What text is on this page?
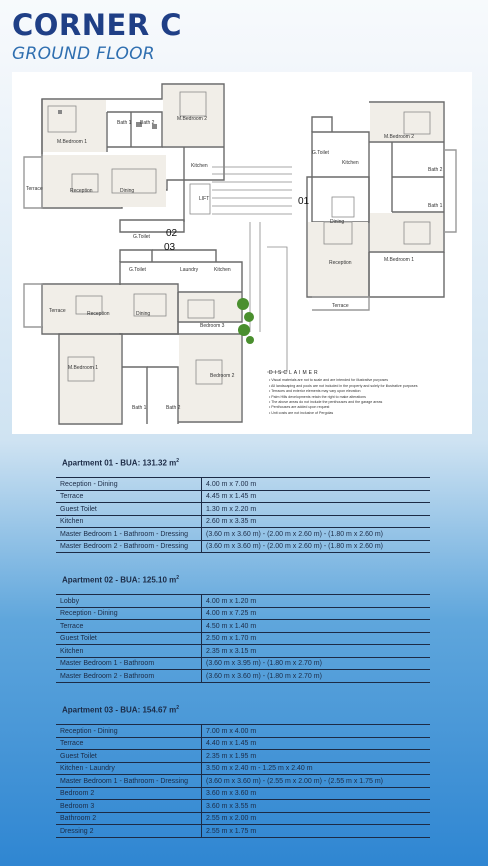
CORNER C
GROUND FLOOR
M.Bedroom 1
Bath 1 Bath 2
M.Bedroom 2
Kitchen
Terrace	Reception	Dining
LIFT
G.Toilet
G.Toilet	Laundry	Kitchen
Terrace	Reception	Dining
Bedroom 3
M.Bedroom 1
Bedroom 2
Bath 1	Bath 2
G.Toilet
Kitchen
M.Bedroom 2
Bath 2
Bath 1
Dining
Reception	M.Bedroom 1
Terrace
01
02
03
DISCLAIMER
• Visual materials are not to scale and are intended for illustrative purposes
• All landscaping and pools are not included in the property and solely for illustrative purposes
• Terraces and exterior elements may vary upon elevation
• Palm Hills developments retain the right to make alterations
• The above areas do not include the penthouses and the garage areas
• Penthouses are added upon request
• Unit costs are not inclusive of Pergolas
Apartment 01 - BUA: 131.32 $m^2$
Reception - Dining	4.00 m x 7.00 m
Terrace	4.45 m x 1.45 m
Guest Toilet	1.30 m x 2.20 m
Kitchen	2.60 m x 3.35 m
Master Bedroom 1 - Bathroom - Dressing	(3.60 m x 3.60 m) - (2.00 m x 2.60 m) - (1.80 m x 2.60 m)
Master Bedroom 2 - Bathroom - Dressing	(3.60 m x 3.60 m) - (2.00 m x 2.60 m) - (1.80 m x 2.60 m)
Apartment 02 - BUA: 125.10 $m^2$
Lobby	4.00 m x 1.20 m
Reception - Dining	4.00 m x 7.25 m
Terrace	4.50 m x 1.40 m
Guest Toilet	2.50 m x 1.70 m
Kitchen	2.35 m x 3.15 m
Master Bedroom 1 - Bathroom	(3.60 m x 3.95 m) - (1.80 m x 2.70 m)
Master Bedroom 2 - Bathroom	(3.60 m x 3.60 m) - (1.80 m x 2.70 m)
Apartment 03 - BUA: 154.67 $m^2$
Reception - Dining	7.00 m x 4.00 m
Terrace	4.40 m x 1.45 m
Guest Toilet	2.35 m x 1.95 m
Kitchen - Laundry	3.50 m x 2.40 m - 1.25 m x 2.40 m
Master Bedroom 1 - Bathroom - Dressing	(3.60 m x 3.60 m) - (2.55 m x 2.00 m) - (2.55 m x 1.75 m)
Bedroom 2	3.60 m x 3.60 m
Bedroom 3	3.60 m x 3.55 m
Bathroom 2	2.55 m x 2.00 m
Dressing 2	2.55 m x 1.75 m
